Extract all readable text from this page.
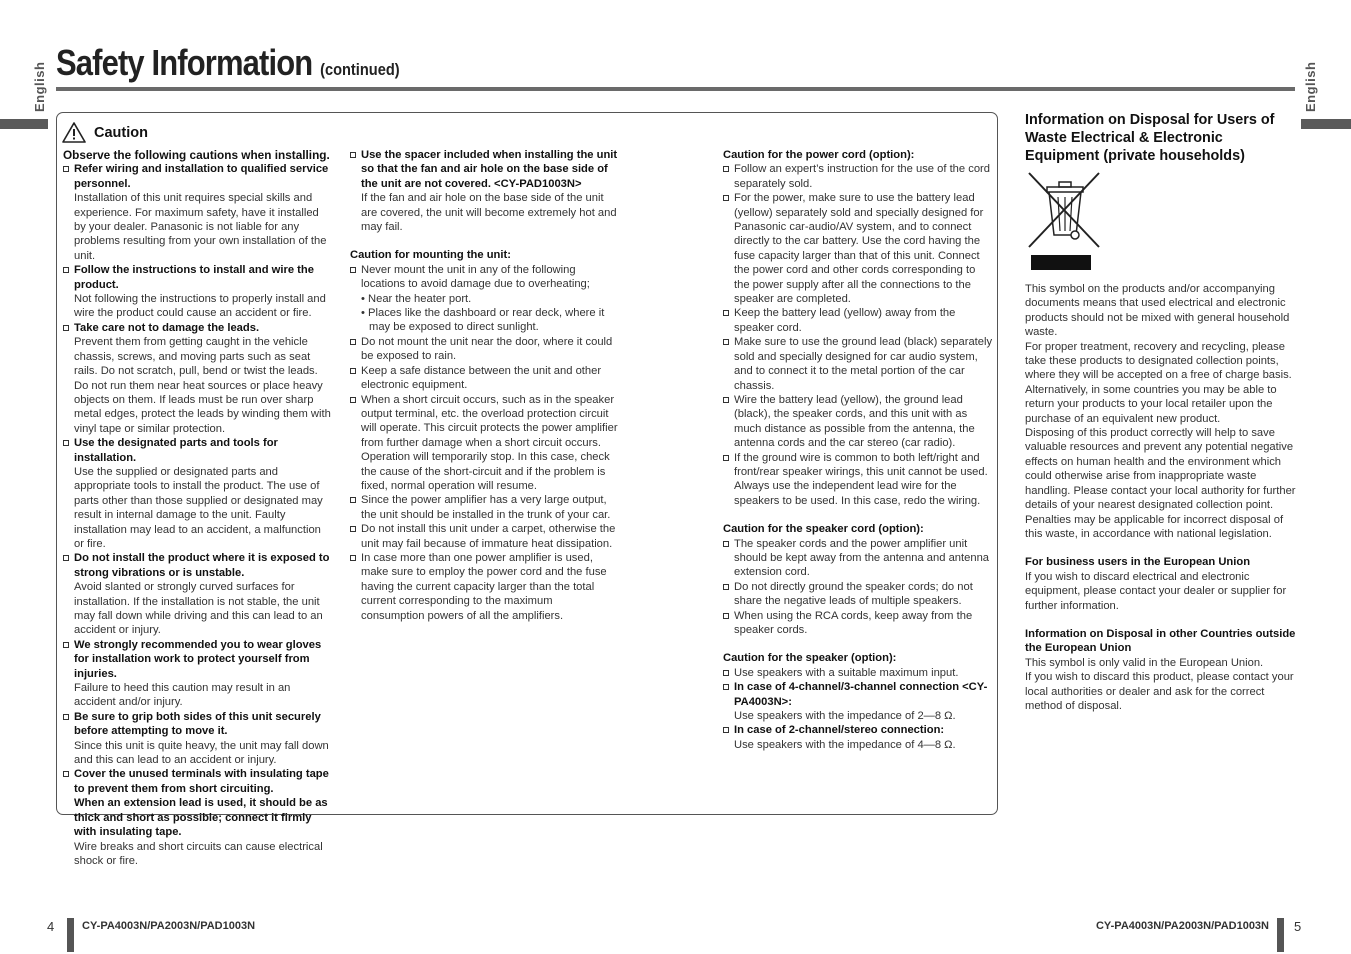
English	English
Safety Information (continued)
Caution

Observe the following cautions when installing.

Refer wiring and installation to qualified service personnel.

Installation of this unit requires special skills and experience. For maximum safety, have it installed by your dealer. Panasonic is not liable for any problems resulting from your own installation of the unit.

Follow the instructions to install and wire the product.

Not following the instructions to properly install and wire the product could cause an accident or fire.

Take care not to damage the leads.

Prevent them from getting caught in the vehicle chassis, screws, and moving parts such as seat rails. Do not scratch, pull, bend or twist the leads. Do not run them near heat sources or place heavy objects on them. If leads must be run over sharp metal edges, protect the leads by winding them with vinyl tape or similar protection.

Use the designated parts and tools for installation.

Use the supplied or designated parts and appropriate tools to install the product. The use of parts other than those supplied or designated may result in internal damage to the unit. Faulty installation may lead to an accident, a malfunction or fire.

Do not install the product where it is exposed to strong vibrations or is unstable.

Avoid slanted or strongly curved surfaces for installation. If the installation is not stable, the unit may fall down while driving and this can lead to an accident or injury.

We strongly recommended you to wear gloves for installation work to protect yourself from injuries.

Failure to heed this caution may result in an accident and/or injury.

Be sure to grip both sides of this unit securely before attempting to move it.

Since this unit is quite heavy, the unit may fall down and this can lead to an accident or injury.

Cover the unused terminals with insulating tape to prevent them from short circuiting.

When an extension lead is used, it should be as thick and short as possible; connect it firmly with insulating tape.

Wire breaks and short circuits can cause electrical shock or fire.

Use the spacer included when installing the unit so that the fan and air hole on the base side of the unit are not covered. <CY-PAD1003N>

If the fan and air hole on the base side of the unit are covered, the unit will become extremely hot and may fail.

Caution for mounting the unit:

Never mount the unit in any of the following locations to avoid damage due to overheating;

• Near the heater port.

• Places like the dashboard or rear deck, where it may be exposed to direct sunlight.

Do not mount the unit near the door, where it could be exposed to rain.

Keep a safe distance between the unit and other electronic equipment.

When a short circuit occurs, such as in the speaker output terminal, etc. the overload protection circuit will operate. This circuit protects the power amplifier from further damage when a short circuit occurs. Operation will temporarily stop. In this case, check the cause of the short-circuit and if the problem is fixed, normal operation will resume.

Since the power amplifier has a very large output, the unit should be installed in the trunk of your car.

Do not install this unit under a carpet, otherwise the unit may fail because of immature heat dissipation.

In case more than one power amplifier is used, make sure to employ the power cord and the fuse having the current capacity larger than the total current corresponding to the maximum consumption powers of all the amplifiers.

Caution for the power cord (option):

Follow an expert’s instruction for the use of the cord separately sold.

For the power, make sure to use the battery lead (yellow) separately sold and specially designed for Panasonic car-audio/AV system, and to connect directly to the car battery. Use the cord having the fuse capacity larger than that of this unit. Connect the power cord and other cords corresponding to the power supply after all the connections to the speaker are completed.

Keep the battery lead (yellow) away from the speaker cord.

Make sure to use the ground lead (black) separately sold and specially designed for car audio system, and to connect it to the metal portion of the car chassis.

Wire the battery lead (yellow), the ground lead (black), the speaker cords, and this unit with as much distance as possible from the antenna, the antenna cords and the car stereo (car radio).

If the ground wire is common to both left/right and front/rear speaker wirings, this unit cannot be used. Always use the independent lead wire for the speakers to be used. In this case, redo the wiring.

Caution for the speaker cord (option):

The speaker cords and the power amplifier unit should be kept away from the antenna and antenna extension cord.

Do not directly ground the speaker cords; do not share the negative leads of multiple speakers.

When using the RCA cords, keep away from the speaker cords.

Caution for the speaker (option):

Use speakers with a suitable maximum input.

In case of 4-channel/3-channel connection <CY-PA4003N>:

Use speakers with the impedance of 2—8 Ω.

In case of 2-channel/stereo connection:

Use speakers with the impedance of 4—8 Ω.

Information on Disposal for Users of Waste Electrical & Electronic Equipment (private households)

This symbol on the products and/or accompanying documents means that used electrical and electronic products should not be mixed with general household waste.

For proper treatment, recovery and recycling, please take these products to designated collection points, where they will be accepted on a free of charge basis. Alternatively, in some countries you may be able to return your products to your local retailer upon the purchase of an equivalent new product.

Disposing of this product correctly will help to save valuable resources and prevent any potential negative effects on human health and the environment which could otherwise arise from inappropriate waste handling. Please contact your local authority for further details of your nearest designated collection point.

Penalties may be applicable for incorrect disposal of this waste, in accordance with national legislation.

For business users in the European Union

If you wish to discard electrical and electronic equipment, please contact your dealer or supplier for further information.

Information on Disposal in other Countries outside the European Union

This symbol is only valid in the European Union.

If you wish to discard this product, please contact your local authorities or dealer and ask for the correct method of disposal.

4	CY-PA4003N/PA2003N/PAD1003N	CY-PA4003N/PA2003N/PAD1003N 5
